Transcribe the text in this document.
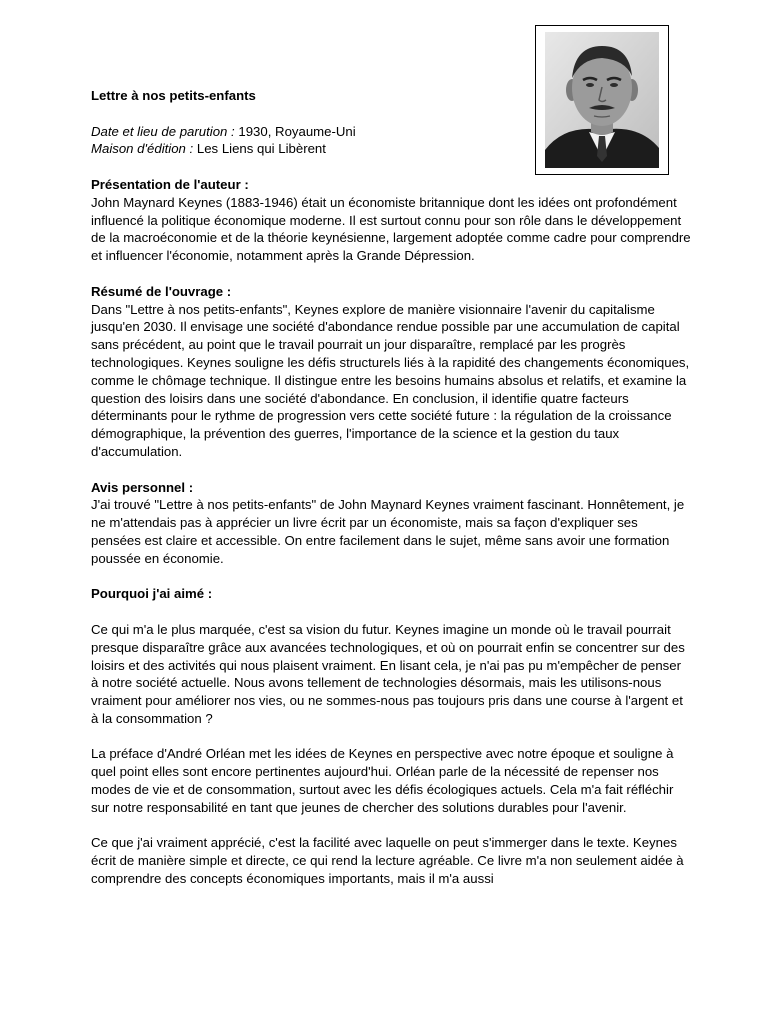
Lettre à nos petits-enfants

Date et lieu de parution : 1930, Royaume-Uni

Maison d'édition : Les Liens qui Libèrent

Présentation de l'auteur :

John Maynard Keynes (1883-1946) était un économiste britannique dont les idées ont profondément influencé la politique économique moderne. Il est surtout connu pour son rôle dans le développement de la macroéconomie et de la théorie keynésienne, largement adoptée comme cadre pour comprendre et influencer l'économie, notamment après la Grande Dépression.

Résumé de l'ouvrage :

Dans "Lettre à nos petits-enfants", Keynes explore de manière visionnaire l'avenir du capitalisme jusqu'en 2030. Il envisage une société d'abondance rendue possible par une accumulation de capital sans précédent, au point que le travail pourrait un jour disparaître, remplacé par les progrès technologiques. Keynes souligne les défis structurels liés à la rapidité des changements économiques, comme le chômage technique. Il distingue entre les besoins humains absolus et relatifs, et examine la question des loisirs dans une société d'abondance. En conclusion, il identifie quatre facteurs déterminants pour le rythme de progression vers cette société future : la régulation de la croissance démographique, la prévention des guerres, l'importance de la science et la gestion du taux d'accumulation.

Avis personnel :

J'ai trouvé "Lettre à nos petits-enfants" de John Maynard Keynes vraiment fascinant. Honnêtement, je ne m'attendais pas à apprécier un livre écrit par un économiste, mais sa façon d'expliquer ses pensées est claire et accessible. On entre facilement dans le sujet, même sans avoir une formation poussée en économie.

Pourquoi j'ai aimé :

Ce qui m'a le plus marquée, c'est sa vision du futur. Keynes imagine un monde où le travail pourrait presque disparaître grâce aux avancées technologiques, et où on pourrait enfin se concentrer sur des loisirs et des activités qui nous plaisent vraiment. En lisant cela, je n'ai pas pu m'empêcher de penser à notre société actuelle. Nous avons tellement de technologies désormais, mais les utilisons-nous vraiment pour améliorer nos vies, ou ne sommes-nous pas toujours pris dans une course à l'argent et à la consommation ?

La préface d'André Orléan met les idées de Keynes en perspective avec notre époque et souligne à quel point elles sont encore pertinentes aujourd'hui. Orléan parle de la nécessité de repenser nos modes de vie et de consommation, surtout avec les défis écologiques actuels. Cela m'a fait réfléchir sur notre responsabilité en tant que jeunes de chercher des solutions durables pour l'avenir.

Ce que j'ai vraiment apprécié, c'est la facilité avec laquelle on peut s'immerger dans le texte. Keynes écrit de manière simple et directe, ce qui rend la lecture agréable. Ce livre m'a non seulement aidée à comprendre des concepts économiques importants, mais il m'a aussi
